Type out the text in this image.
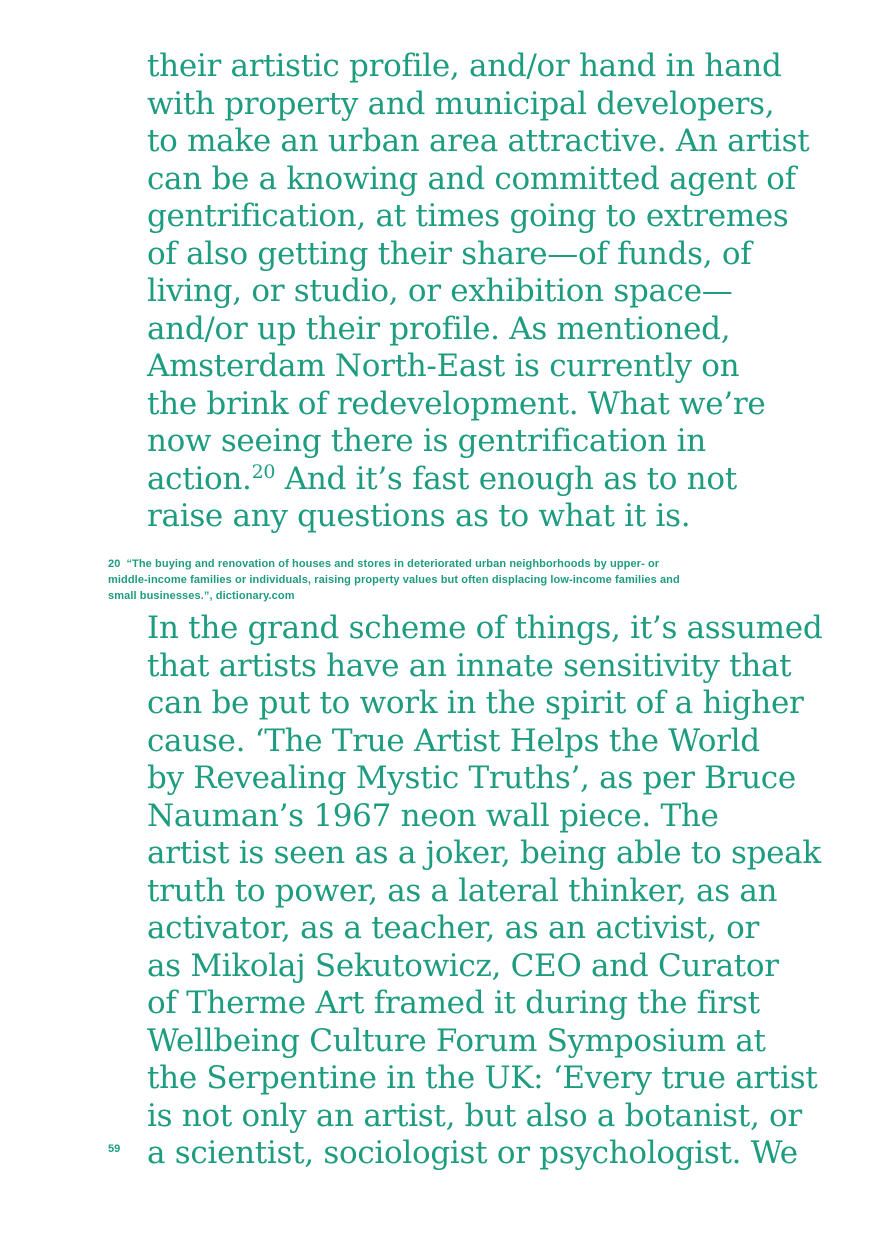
their artistic profile, and/or hand in hand
with property and municipal developers,
to make an urban area attractive. An artist
can be a knowing and committed agent of
gentrification, at times going to extremes
of also getting their share—of funds, of
living, or studio, or exhibition space—
and/or up their profile. As mentioned,
Amsterdam North-East is currently on
the brink of redevelopment. What we’re
now seeing there is gentrification in
action.$^{20}$ And it’s fast enough as to not
raise any questions as to what it is.
20 “The buying and renovation of houses and stores in deteriorated urban neighborhoods by upper- or
middle-income families or individuals, raising property values but often displacing low-income families and
small businesses.”, dictionary.com
In the grand scheme of things, it’s assumed
that artists have an innate sensitivity that
can be put to work in the spirit of a higher
cause. ‘The True Artist Helps the World
by Revealing Mystic Truths’, as per Bruce
Nauman’s 1967 neon wall piece. The
artist is seen as a joker, being able to speak
truth to power, as a lateral thinker, as an
activator, as a teacher, as an activist, or
as Mikolaj Sekutowicz, CEO and Curator
of Therme Art framed it during the first
Wellbeing Culture Forum Symposium at
the Serpentine in the UK: ‘Every true artist
is not only an artist, but also a botanist, or
a scientist, sociologist or psychologist. We
59
